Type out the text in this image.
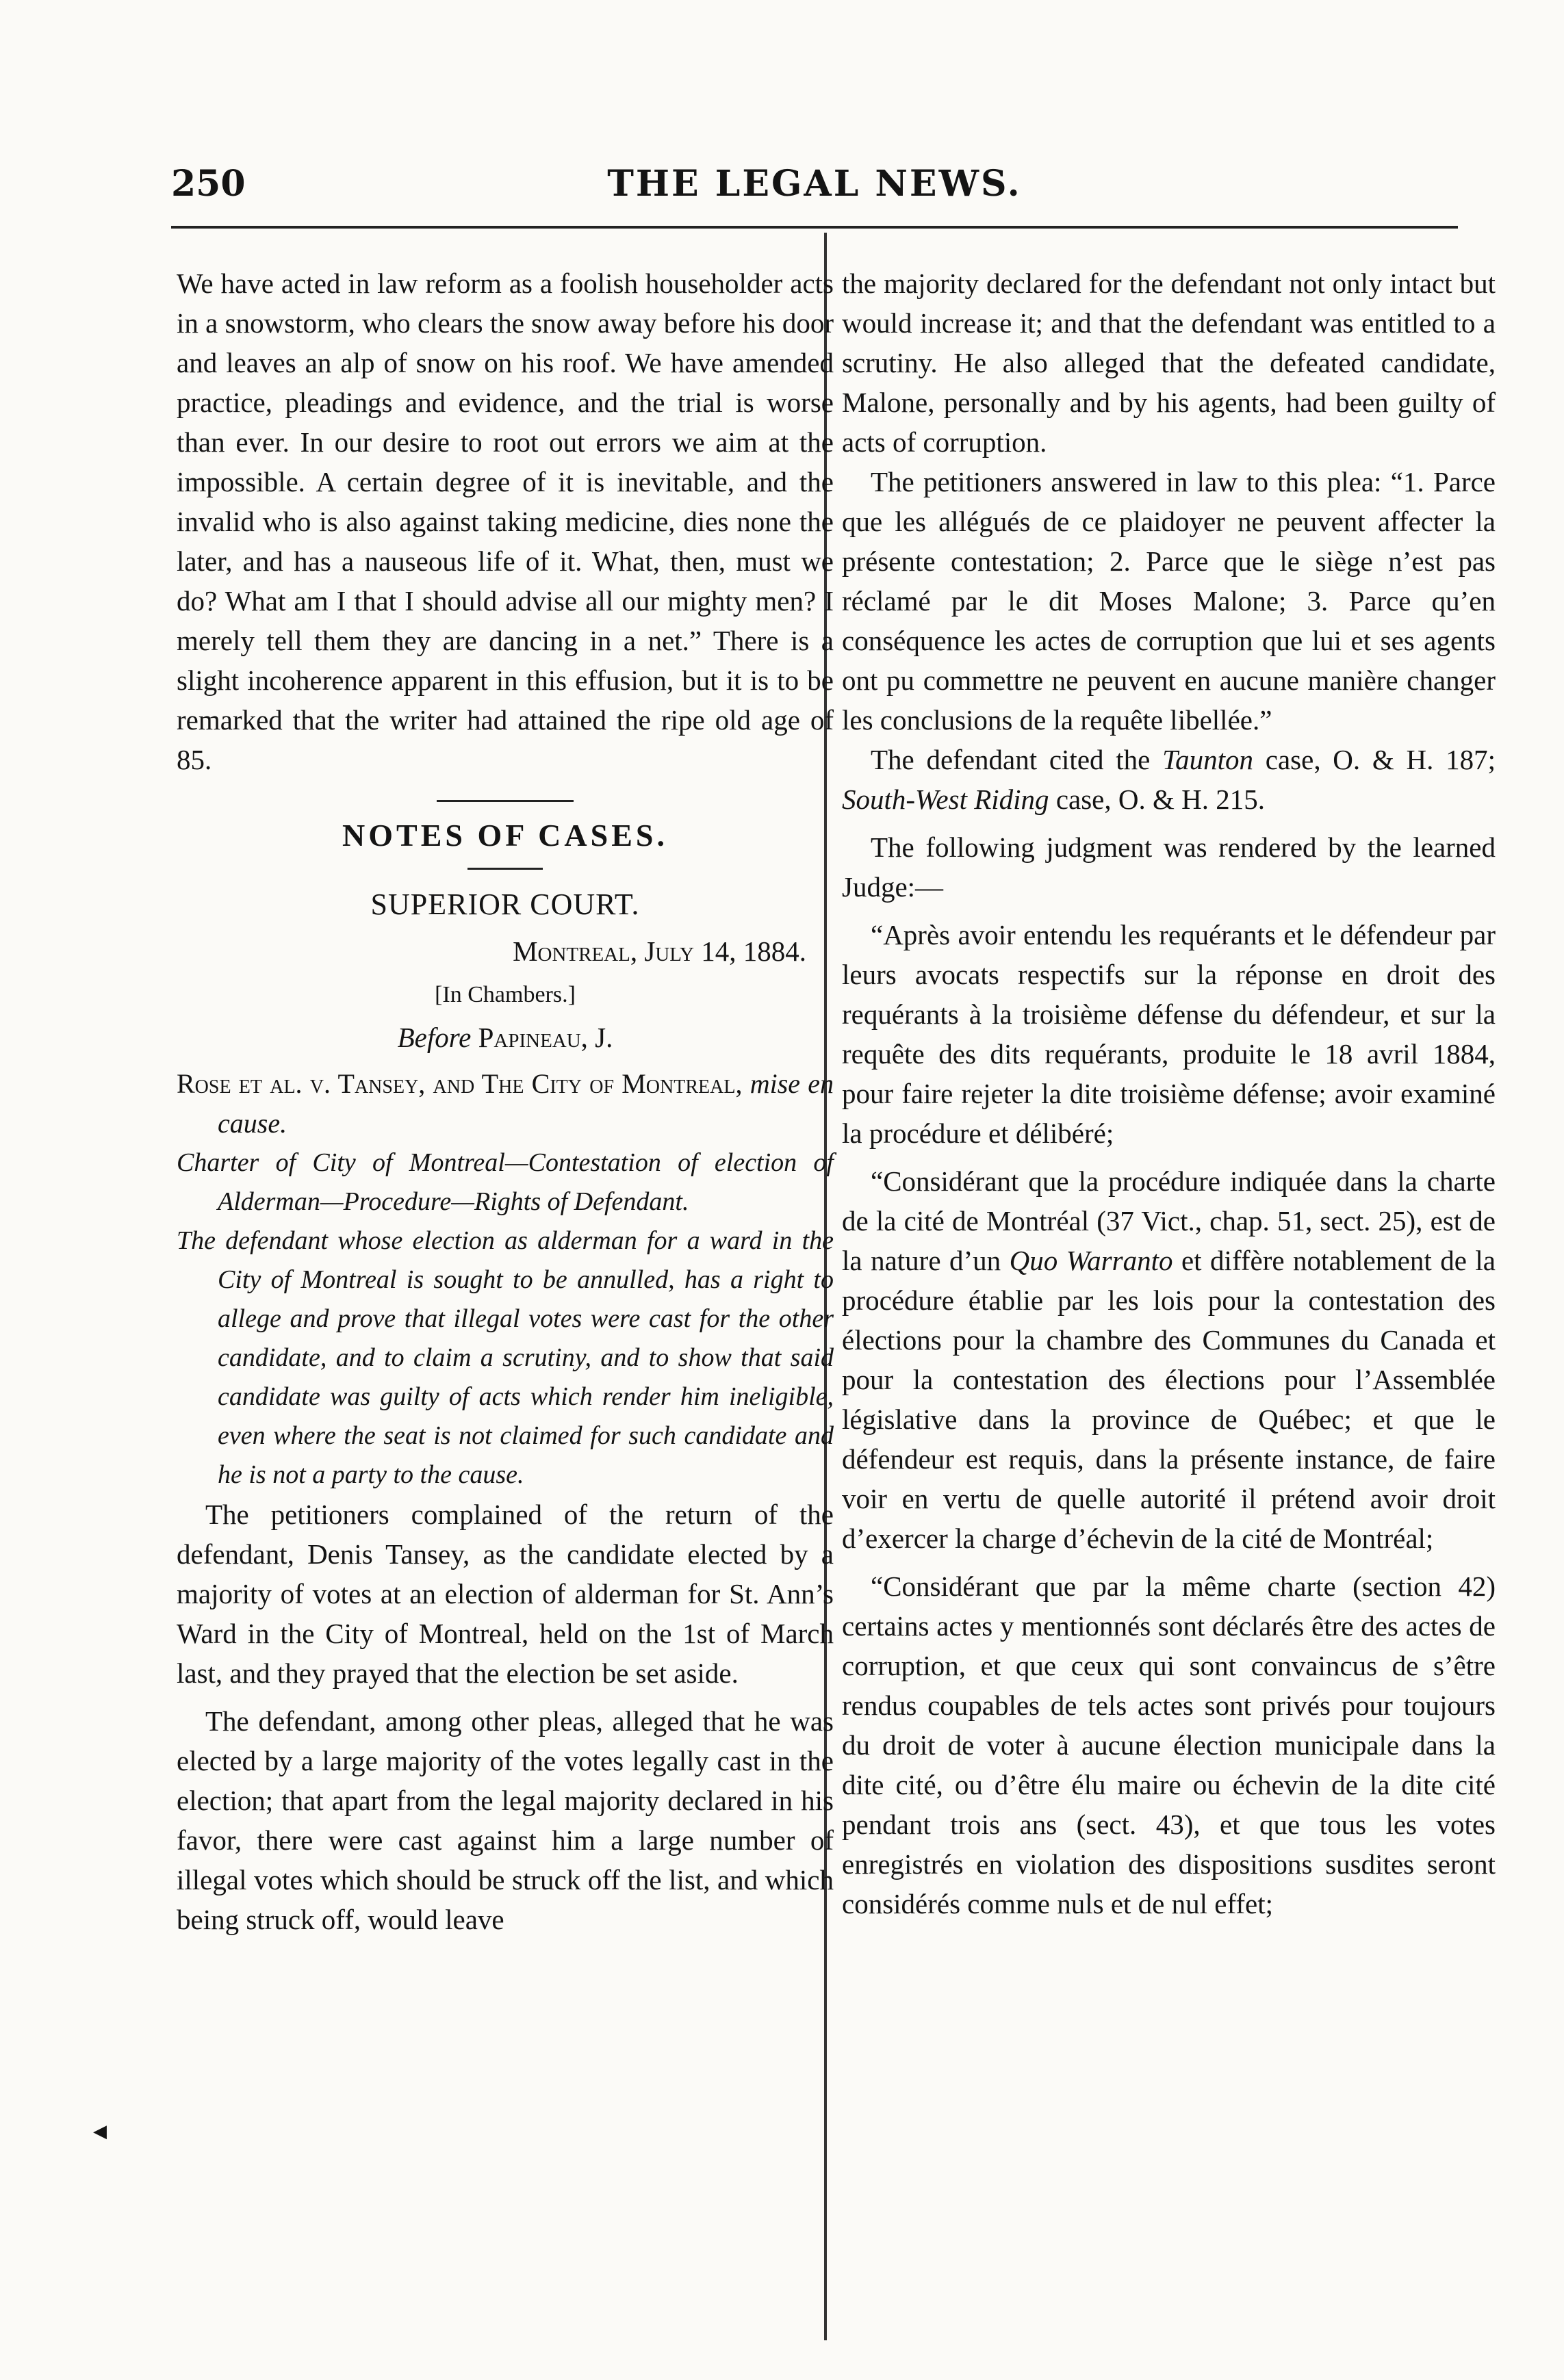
250	THE LEGAL NEWS.
◀

We have acted in law reform as a foolish householder acts in a snowstorm, who clears the snow away before his door and leaves an alp of snow on his roof. We have amended practice, pleadings and evidence, and the trial is worse than ever. In our desire to root out errors we aim at the impossible. A certain degree of it is inevitable, and the invalid who is also against taking medicine, dies none the later, and has a nauseous life of it. What, then, must we do? What am I that I should advise all our mighty men? I merely tell them they are dancing in a net.” There is a slight incoherence apparent in this effusion, but it is to be remarked that the writer had attained the ripe old age of 85.

NOTES OF CASES.
SUPERIOR COURT.
Montreal, July 14, 1884.
[In Chambers.]
Before Papineau, J.

Rose et al. v. Tansey, and The City of Montreal, mise en cause.

Charter of City of Montreal—Contestation of election of Alderman—Procedure—Rights of Defendant.

The defendant whose election as alderman for a ward in the City of Montreal is sought to be annulled, has a right to allege and prove that illegal votes were cast for the other candidate, and to claim a scrutiny, and to show that said candidate was guilty of acts which render him ineligible, even where the seat is not claimed for such candidate and he is not a party to the cause.

The petitioners complained of the return of the defendant, Denis Tansey, as the candidate elected by a majority of votes at an election of alderman for St. Ann’s Ward in the City of Montreal, held on the 1st of March last, and they prayed that the election be set aside.

The defendant, among other pleas, alleged that he was elected by a large majority of the votes legally cast in the election; that apart from the legal majority declared in his favor, there were cast against him a large number of illegal votes which should be struck off the list, and which being struck off, would leave

the majority declared for the defendant not only intact but would increase it; and that the defendant was entitled to a scrutiny. He also alleged that the defeated candidate, Malone, personally and by his agents, had been guilty of acts of corruption.

The petitioners answered in law to this plea: “1. Parce que les allégués de ce plaidoyer ne peuvent affecter la présente contestation; 2. Parce que le siège n’est pas réclamé par le dit Moses Malone; 3. Parce qu’en conséquence les actes de corruption que lui et ses agents ont pu commettre ne peuvent en aucune manière changer les conclusions de la requête libellée.”

The defendant cited the Taunton case, O. & H. 187; South-West Riding case, O. & H. 215.

The following judgment was rendered by the learned Judge:—

“Après avoir entendu les requérants et le défendeur par leurs avocats respectifs sur la réponse en droit des requérants à la troisième défense du défendeur, et sur la requête des dits requérants, produite le 18 avril 1884, pour faire rejeter la dite troisième défense; avoir examiné la procédure et délibéré;

“Considérant que la procédure indiquée dans la charte de la cité de Montréal (37 Vict., chap. 51, sect. 25), est de la nature d’un Quo Warranto et diffère notablement de la procédure établie par les lois pour la contestation des élections pour la chambre des Communes du Canada et pour la contestation des élections pour l’Assemblée législative dans la province de Québec; et que le défendeur est requis, dans la présente instance, de faire voir en vertu de quelle autorité il prétend avoir droit d’exercer la charge d’échevin de la cité de Montréal;

“Considérant que par la même charte (section 42) certains actes y mentionnés sont déclarés être des actes de corruption, et que ceux qui sont convaincus de s’être rendus coupables de tels actes sont privés pour toujours du droit de voter à aucune élection municipale dans la dite cité, ou d’être élu maire ou échevin de la dite cité pendant trois ans (sect. 43), et que tous les votes enregistrés en violation des dispositions susdites seront considérés comme nuls et de nul effet;
